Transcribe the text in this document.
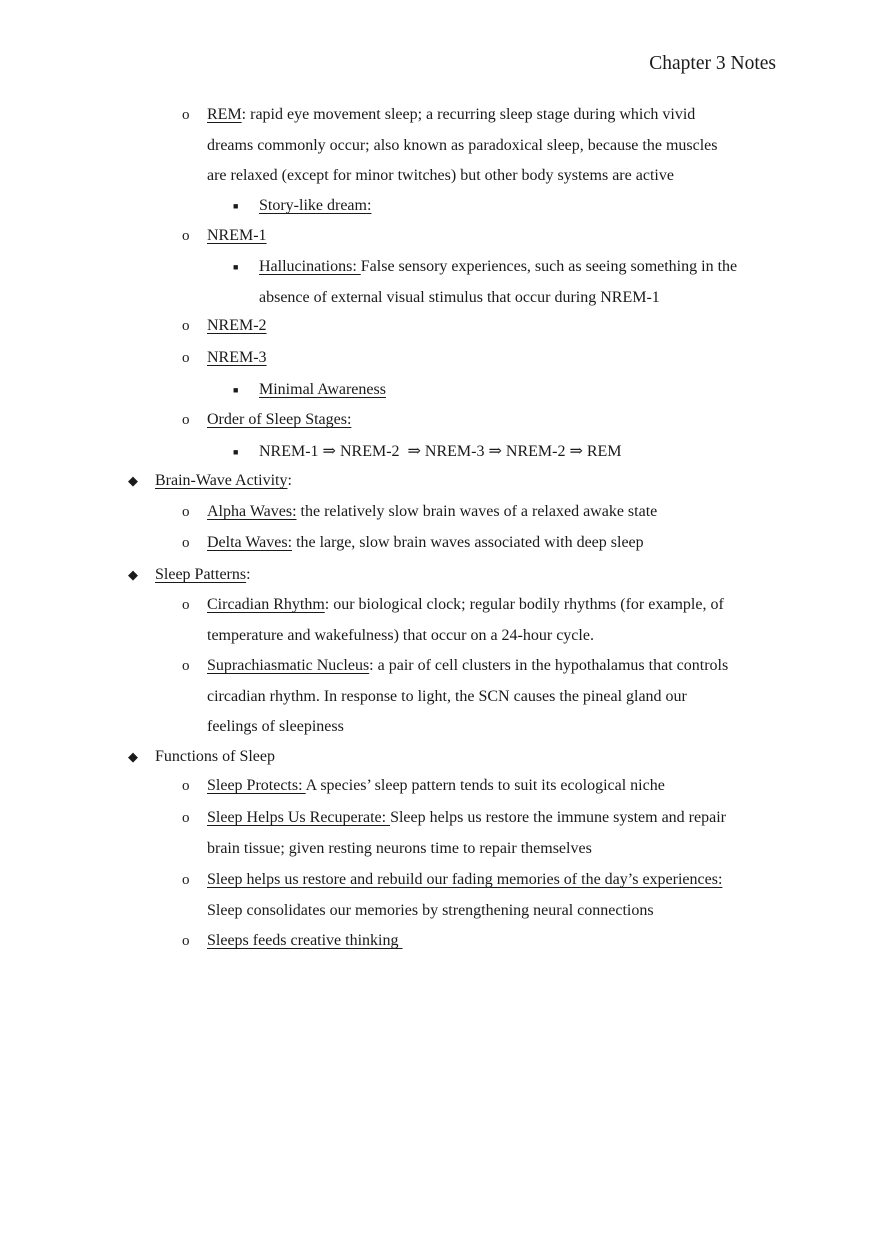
Chapter 3 Notes
o REM: rapid eye movement sleep; a recurring sleep stage during which vivid
dreams commonly occur; also known as paradoxical sleep, because the muscles
are relaxed (except for minor twitches) but other body systems are active
■ Story-like dream:
o NREM-1
■ Hallucinations: False sensory experiences, such as seeing something in the
absence of external visual stimulus that occur during NREM-1
o NREM-2
o NREM-3
■ Minimal Awareness
o Order of Sleep Stages:
■ NREM-1 ⇒ NREM-2  ⇒ NREM-3 ⇒ NREM-2 ⇒ REM
◆ Brain-Wave Activity:
o Alpha Waves: the relatively slow brain waves of a relaxed awake state
o Delta Waves: the large, slow brain waves associated with deep sleep
◆ Sleep Patterns:
o Circadian Rhythm: our biological clock; regular bodily rhythms (for example, of
temperature and wakefulness) that occur on a 24-hour cycle.
o Suprachiasmatic Nucleus: a pair of cell clusters in the hypothalamus that controls
circadian rhythm. In response to light, the SCN causes the pineal gland our
feelings of sleepiness
◆ Functions of Sleep
o Sleep Protects: A species’ sleep pattern tends to suit its ecological niche
o Sleep Helps Us Recuperate: Sleep helps us restore the immune system and repair
brain tissue; given resting neurons time to repair themselves
o Sleep helps us restore and rebuild our fading memories of the day’s experiences:
Sleep consolidates our memories by strengthening neural connections
o Sleeps feeds creative thinking
